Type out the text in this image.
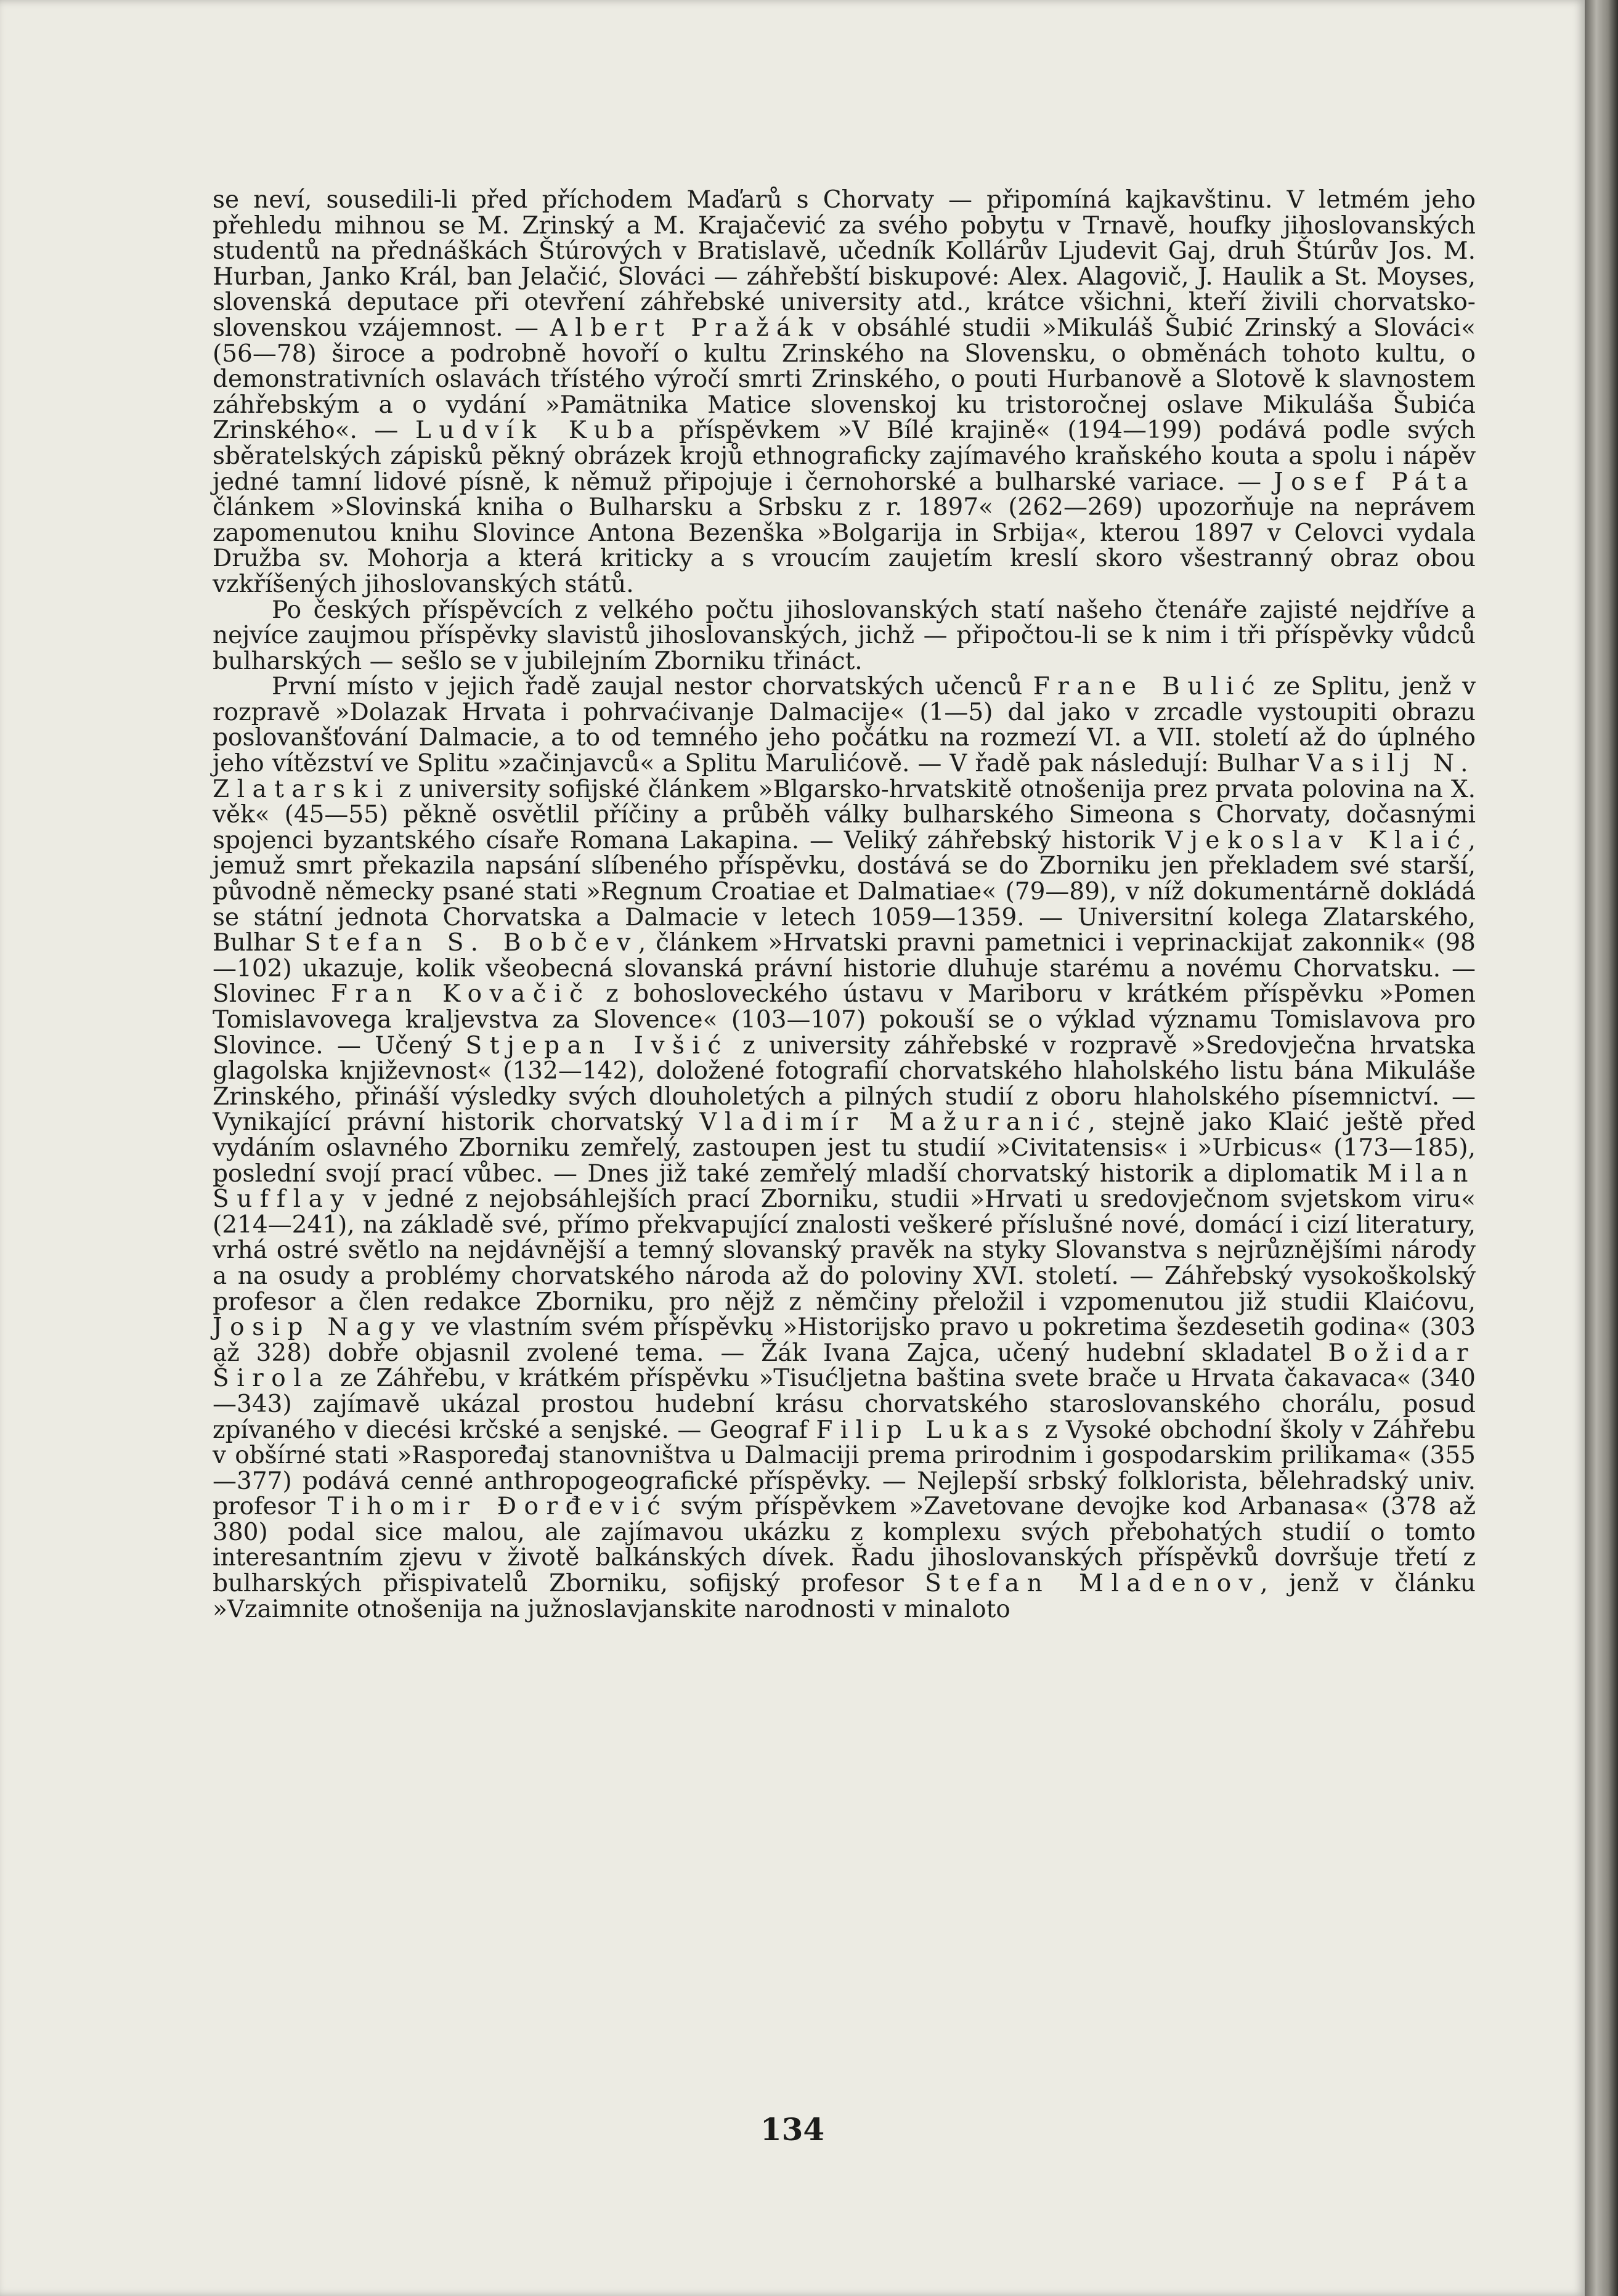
se neví, sousedili-li před příchodem Maďarů s Chorvaty — připomíná kajkavštinu. V letmém jeho přehledu mihnou se M. Zrinský a M. Krajačević za svého pobytu v Trnavě, houfky jihoslovanských studentů na přednáškách Štúrových v Bratislavě, učedník Kollárův Ljudevit Gaj, druh Štúrův Jos. M. Hurban, Janko Král, ban Jelačić, Slováci — záhřebští biskupové: Alex. Alagovič, J. Haulik a St. Moyses, slovenská deputace při otevření záhřebské university atd., krátce všichni, kteří živili chorvatsko-slovenskou vzájemnost. — Albert Pražák v obsáhlé studii »Mikuláš Šubić Zrinský a Slováci« (56—78) široce a podrobně hovoří o kultu Zrinského na Slovensku, o obměnách tohoto kultu, o demonstrativních oslavách třístého výročí smrti Zrinského, o pouti Hurbanově a Slotově k slavnostem záhřebským a o vydání »Pamätnika Matice slovenskoj ku tristoročnej oslave Mikuláša Šubića Zrinského«. — Ludvík Kuba příspěvkem »V Bílé krajině« (194—199) podává podle svých sběratelských zápisků pěkný obrázek krojů ethnograficky zajímavého kraňského kouta a spolu i nápěv jedné tamní lidové písně, k němuž připojuje i černohorské a bulharské variace. — Josef Páta článkem »Slovinská kniha o Bulharsku a Srbsku z r. 1897« (262—269) upozorňuje na neprávem zapomenutou knihu Slovince Antona Bezenška »Bolgarija in Srbija«, kterou 1897 v Celovci vydala Družba sv. Mohorja a která kriticky a s vroucím zaujetím kreslí skoro všestranný obraz obou vzkříšených jihoslovanských států.

Po českých příspěvcích z velkého počtu jihoslovanských statí našeho čtenáře zajisté nejdříve a nejvíce zaujmou příspěvky slavistů jihoslovanských, jichž — připočtou-li se k nim i tři příspěvky vůdců bulharských — sešlo se v jubilejním Zborniku třináct.

První místo v jejich řadě zaujal nestor chorvatských učenců Frane Bulić ze Splitu, jenž v rozpravě »Dolazak Hrvata i pohrvaćivanje Dalmacije« (1—5) dal jako v zrcadle vystoupiti obrazu poslovanšťování Dalmacie, a to od temného jeho počátku na rozmezí VI. a VII. století až do úplného jeho vítězství ve Splitu »začinjavců« a Splitu Marulićově. — V řadě pak následují: Bulhar Vasilj N. Zlatarski z university sofijské článkem »Blgarsko-hrvatskitě otnošenija prez prvata polovina na X. věk« (45—55) pěkně osvětlil příčiny a průběh války bulharského Simeona s Chorvaty, dočasnými spojenci byzantského císaře Romana Lakapina. — Veliký záhřebský historik Vjekoslav Klaić, jemuž smrt překazila napsání slíbeného příspěvku, dostává se do Zborniku jen překladem své starší, původně německy psané stati »Regnum Croatiae et Dalmatiae« (79—89), v níž dokumentárně dokládá se státní jednota Chorvatska a Dalmacie v letech 1059—1359. — Universitní kolega Zlatarského, Bulhar Stefan S. Bobčev, článkem »Hrvatski pravni pametnici i veprinackijat zakonnik« (98—102) ukazuje, kolik všeobecná slovanská právní historie dluhuje starému a novému Chorvatsku. — Slovinec Fran Kovačič z bohosloveckého ústavu v Mariboru v krátkém příspěvku »Pomen Tomislavovega kraljevstva za Slovence« (103—107) pokouší se o výklad významu Tomislavova pro Slovince. — Učený Stjepan Ivšić z university záhřebské v rozpravě »Sredovječna hrvatska glagolska književnost« (132—142), doložené fotografií chorvatského hlaholského listu bána Mikuláše Zrinského, přináší výsledky svých dlouholetých a pilných studií z oboru hlaholského písemnictví. — Vynikající právní historik chorvatský Vladimír Mažuranić, stejně jako Klaić ještě před vydáním oslavného Zborniku zemřelý, zastoupen jest tu studií »Civitatensis« i »Urbicus« (173—185), poslední svojí prací vůbec. — Dnes již také zemřelý mladší chorvatský historik a diplomatik Milan Šufflay v jedné z nejobsáhlejších prací Zborniku, studii »Hrvati u sredovječnom svjetskom viru« (214—241), na základě své, přímo překvapující znalosti veškeré příslušné nové, domácí i cizí literatury, vrhá ostré světlo na nejdávnější a temný slovanský pravěk na styky Slovanstva s nejrůznějšími národy a na osudy a problémy chorvatského národa až do poloviny XVI. století. — Záhřebský vysokoškolský profesor a člen redakce Zborniku, pro nějž z němčiny přeložil i vzpomenutou již studii Klaićovu, Josip Nagy ve vlastním svém příspěvku »Historijsko pravo u pokretima šezdesetih godina« (303 až 328) dobře objasnil zvolené tema. — Žák Ivana Zajca, učený hudební skladatel Božidar Širola ze Záhřebu, v krátkém příspěvku »Tisućljetna baština svete brače u Hrvata čakavaca« (340—343) zajímavě ukázal prostou hudební krásu chorvatského staroslovanského chorálu, posud zpívaného v diecési krčské a senjské. — Geograf Filip Lukas z Vysoké obchodní školy v Záhřebu v obšírné stati »Raspoređaj stanovništva u Dalmaciji prema prirodnim i gospodarskim prilikama« (355—377) podává cenné anthropogeografické příspěvky. — Nejlepší srbský folklorista, bělehradský univ. profesor Tihomir Đorđević svým příspěvkem »Zavetovane devojke kod Arbanasa« (378 až 380) podal sice malou, ale zajímavou ukázku z komplexu svých přebohatých studií o tomto interesantním zjevu v životě balkánských dívek. Řadu jihoslovanských příspěvků dovršuje třetí z bulharských přispivatelů Zborniku, sofijský profesor Stefan Mladenov, jenž v článku »Vzaimnite otnošenija na južnoslavjanskite narodnosti v minaloto

134
